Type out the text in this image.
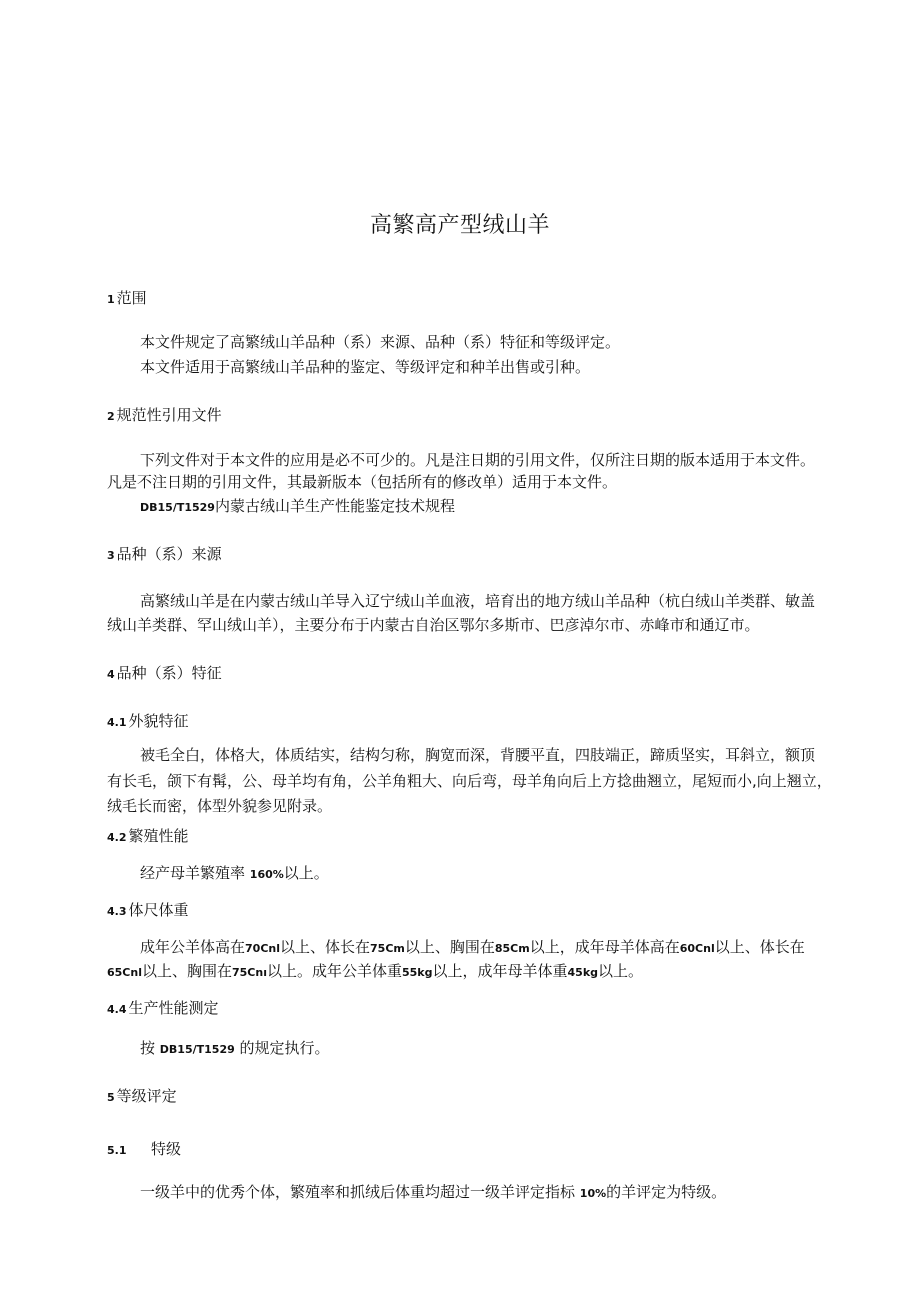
高繁高产型绒山羊
1 范围
本文件规定了高繁绒山羊品种（系）来源、品种（系）特征和等级评定。
本文件适用于高繁绒山羊品种的鉴定、等级评定和种羊出售或引种。
2 规范性引用文件
下列文件对于本文件的应用是必不可少的。凡是注日期的引用文件，仅所注日期的版本适用于本文件。
凡是不注日期的引用文件，其最新版本（包括所有的修改单）适用于本文件。
DB15/T1529内蒙古绒山羊生产性能鉴定技术规程
3 品种（系）来源
高繁绒山羊是在内蒙古绒山羊导入辽宁绒山羊血液，培育出的地方绒山羊品种（杭白绒山羊类群、敏盖
绒山羊类群、罕山绒山羊），主要分布于内蒙古自治区鄂尔多斯市、巴彦淖尔市、赤峰市和通辽市。
4 品种（系）特征
4.1 外貌特征
被毛全白，体格大，体质结实，结构匀称，胸宽而深，背腰平直，四肢端正，蹄质坚实，耳斜立，额顶
有长毛，颌下有髯，公、母羊均有角，公羊角粗大、向后弯，母羊角向后上方捻曲翘立，尾短而小,向上翘立，
绒毛长而密，体型外貌参见附录。
4.2 繁殖性能
经产母羊繁殖率 160%以上。
4.3 体尺体重
成年公羊体高在70Cnl以上、体长在75Cm以上、胸围在85Cm以上，成年母羊体高在60Cnl以上、体长在
65Cnl以上、胸围在75Cnı以上。成年公羊体重55kg以上，成年母羊体重45kg以上。
4.4 生产性能测定
按 DB15/T1529 的规定执行。
5 等级评定
5.1 特级
一级羊中的优秀个体，繁殖率和抓绒后体重均超过一级羊评定指标 10%的羊评定为特级。
